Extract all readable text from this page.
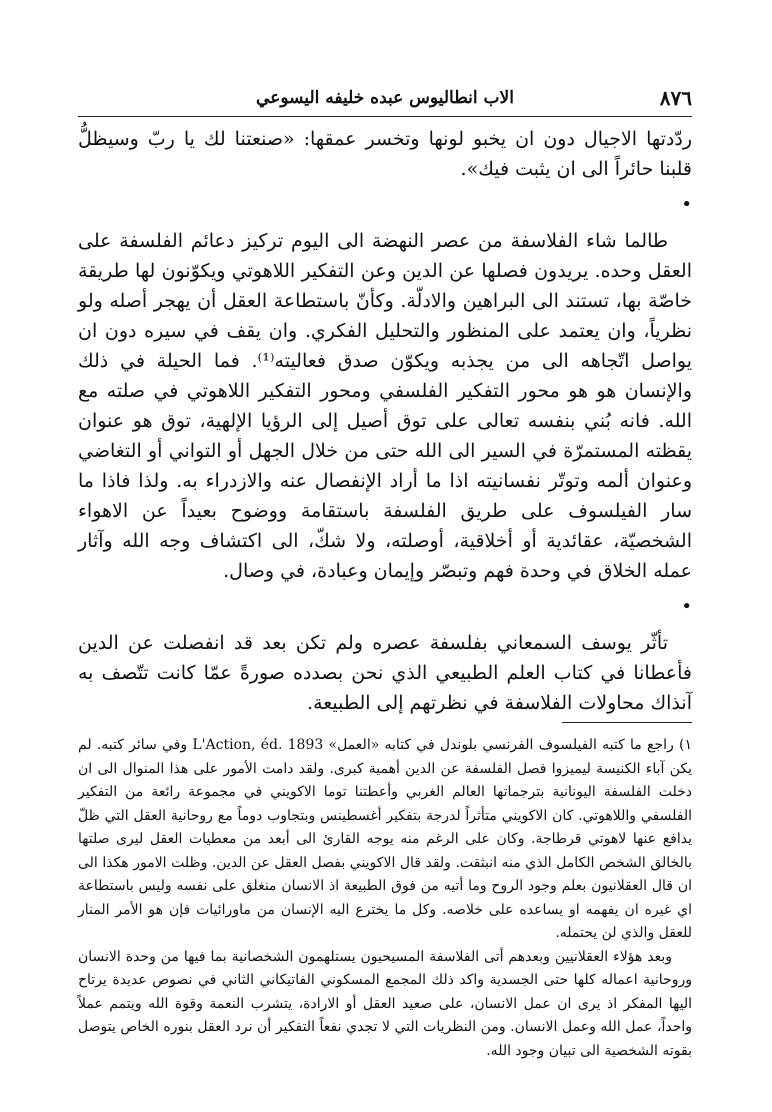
٨٧٦
الاب انطاليوس عبده خليفه اليسوعي

ردّدتها الاجيال دون ان يخبو لونها وتخسر عمقها: «صنعتنا لك يا ربّ وسيظلُّ قلبنا حائراً الى ان يثبت فيك».

•

طالما شاء الفلاسفة من عصر النهضة الى اليوم تركيز دعائم الفلسفة على العقل وحده. يريدون فصلها عن الدين وعن التفكير اللاهوتي ويكوّنون لها طريقة خاصّة بها، تستند الى البراهين والادلّة. وكأنّ باستطاعة العقل أن يهجر أصله ولو نظرياً، وان يعتمد على المنظور والتحليل الفكري. وان يقف في سيره دون ان يواصل اتّجاهه الى من يجذبه ويكوّن صدق فعاليته⁽¹⁾. فما الحيلة في ذلك والإنسان هو هو محور التفكير الفلسفي ومحور التفكير اللاهوتي في صلته مع الله. فانه بُني بنفسه تعالى على توق أصيل إلى الرؤيا الإلهية، توق هو عنوان يقظته المستمرّة في السير الى الله حتى من خلال الجهل أو التواني أو التغاضي وعنوان ألمه وتوتّر نفسانيته اذا ما أراد الإنفصال عنه والازدراء به. ولذا فاذا ما سار الفيلسوف على طريق الفلسفة باستقامة ووضوح بعيداً عن الاهواء الشخصيّة، عقائدية أو أخلاقية، أوصلته، ولا شكّ، الى اكتشاف وجه الله وآثار عمله الخلاق في وحدة فهم وتبصّر وإيمان وعبادة، في وصال.

•

تأثّر يوسف السمعاني بفلسفة عصره ولم تكن بعد قد انفصلت عن الدين فأعطانا في كتاب العلم الطبيعي الذي نحن بصدده صورةً عمّا كانت تتّصف به آنذاك محاولات الفلاسفة في نظرتهم إلى الطبيعة.

١) راجع ما كتبه الفيلسوف الفرنسي بلوندل في كتابه «العمل» L'Action, éd. 1893 وفي سائر كتبه. لم يكن آباء الكنيسة ليميزوا فصل الفلسفة عن الدين أهمية كبرى. ولقد دامت الأمور على هذا المنوال الى ان دخلت الفلسفة اليونانية بترجماتها العالم الغربي وأعطتنا توما الاكويني في مجموعة رائعة من التفكير الفلسفي واللاهوتي. كان الاكويني متأثراً لدرجة بتفكير أغسطينس وبتجاوب دوماً مع روحانية العقل التي ظلّ يدافع عنها لاهوتي قرطاجة. وكان على الرغم منه يوجه القارئ الى أبعد من معطيات العقل ليرى صلتها بالخالق الشخص الكامل الذي منه انبثقت. ولقد قال الاكويني بفصل العقل عن الدين. وظلت الامور هكذا الى ان قال العقلانيون بعلم وجود الروح وما أتيه من فوق الطبيعة اذ الانسان منغلق على نفسه وليس باستطاعة اي غيره ان يفهمه او يساعده على خلاصه. وكل ما يخترع اليه الإنسان من ماورائيات فإن هو الأمر المنار للعقل والذي لن يحتمله.

وبعد هؤلاء العقلانيين وبعدهم أتى الفلاسفة المسيحيون يستلهمون الشخصانية بما فيها من وحدة الانسان وروحانية اعماله كلها حتى الجسدية واكد ذلك المجمع المسكوني الفاتيكاني الثاني في نصوص عديدة يرتاح اليها المفكر اذ يرى ان عمل الانسان، على صعيد العقل أو الارادة، يتشرب النعمة وقوة الله ويتمم عملاً واحداً، عمل الله وعمل الانسان. ومن النظريات التي لا تجدي نفعاً التفكير أن نرد العقل بنوره الخاص يتوصل بقوته الشخصية الى تبيان وجود الله.
